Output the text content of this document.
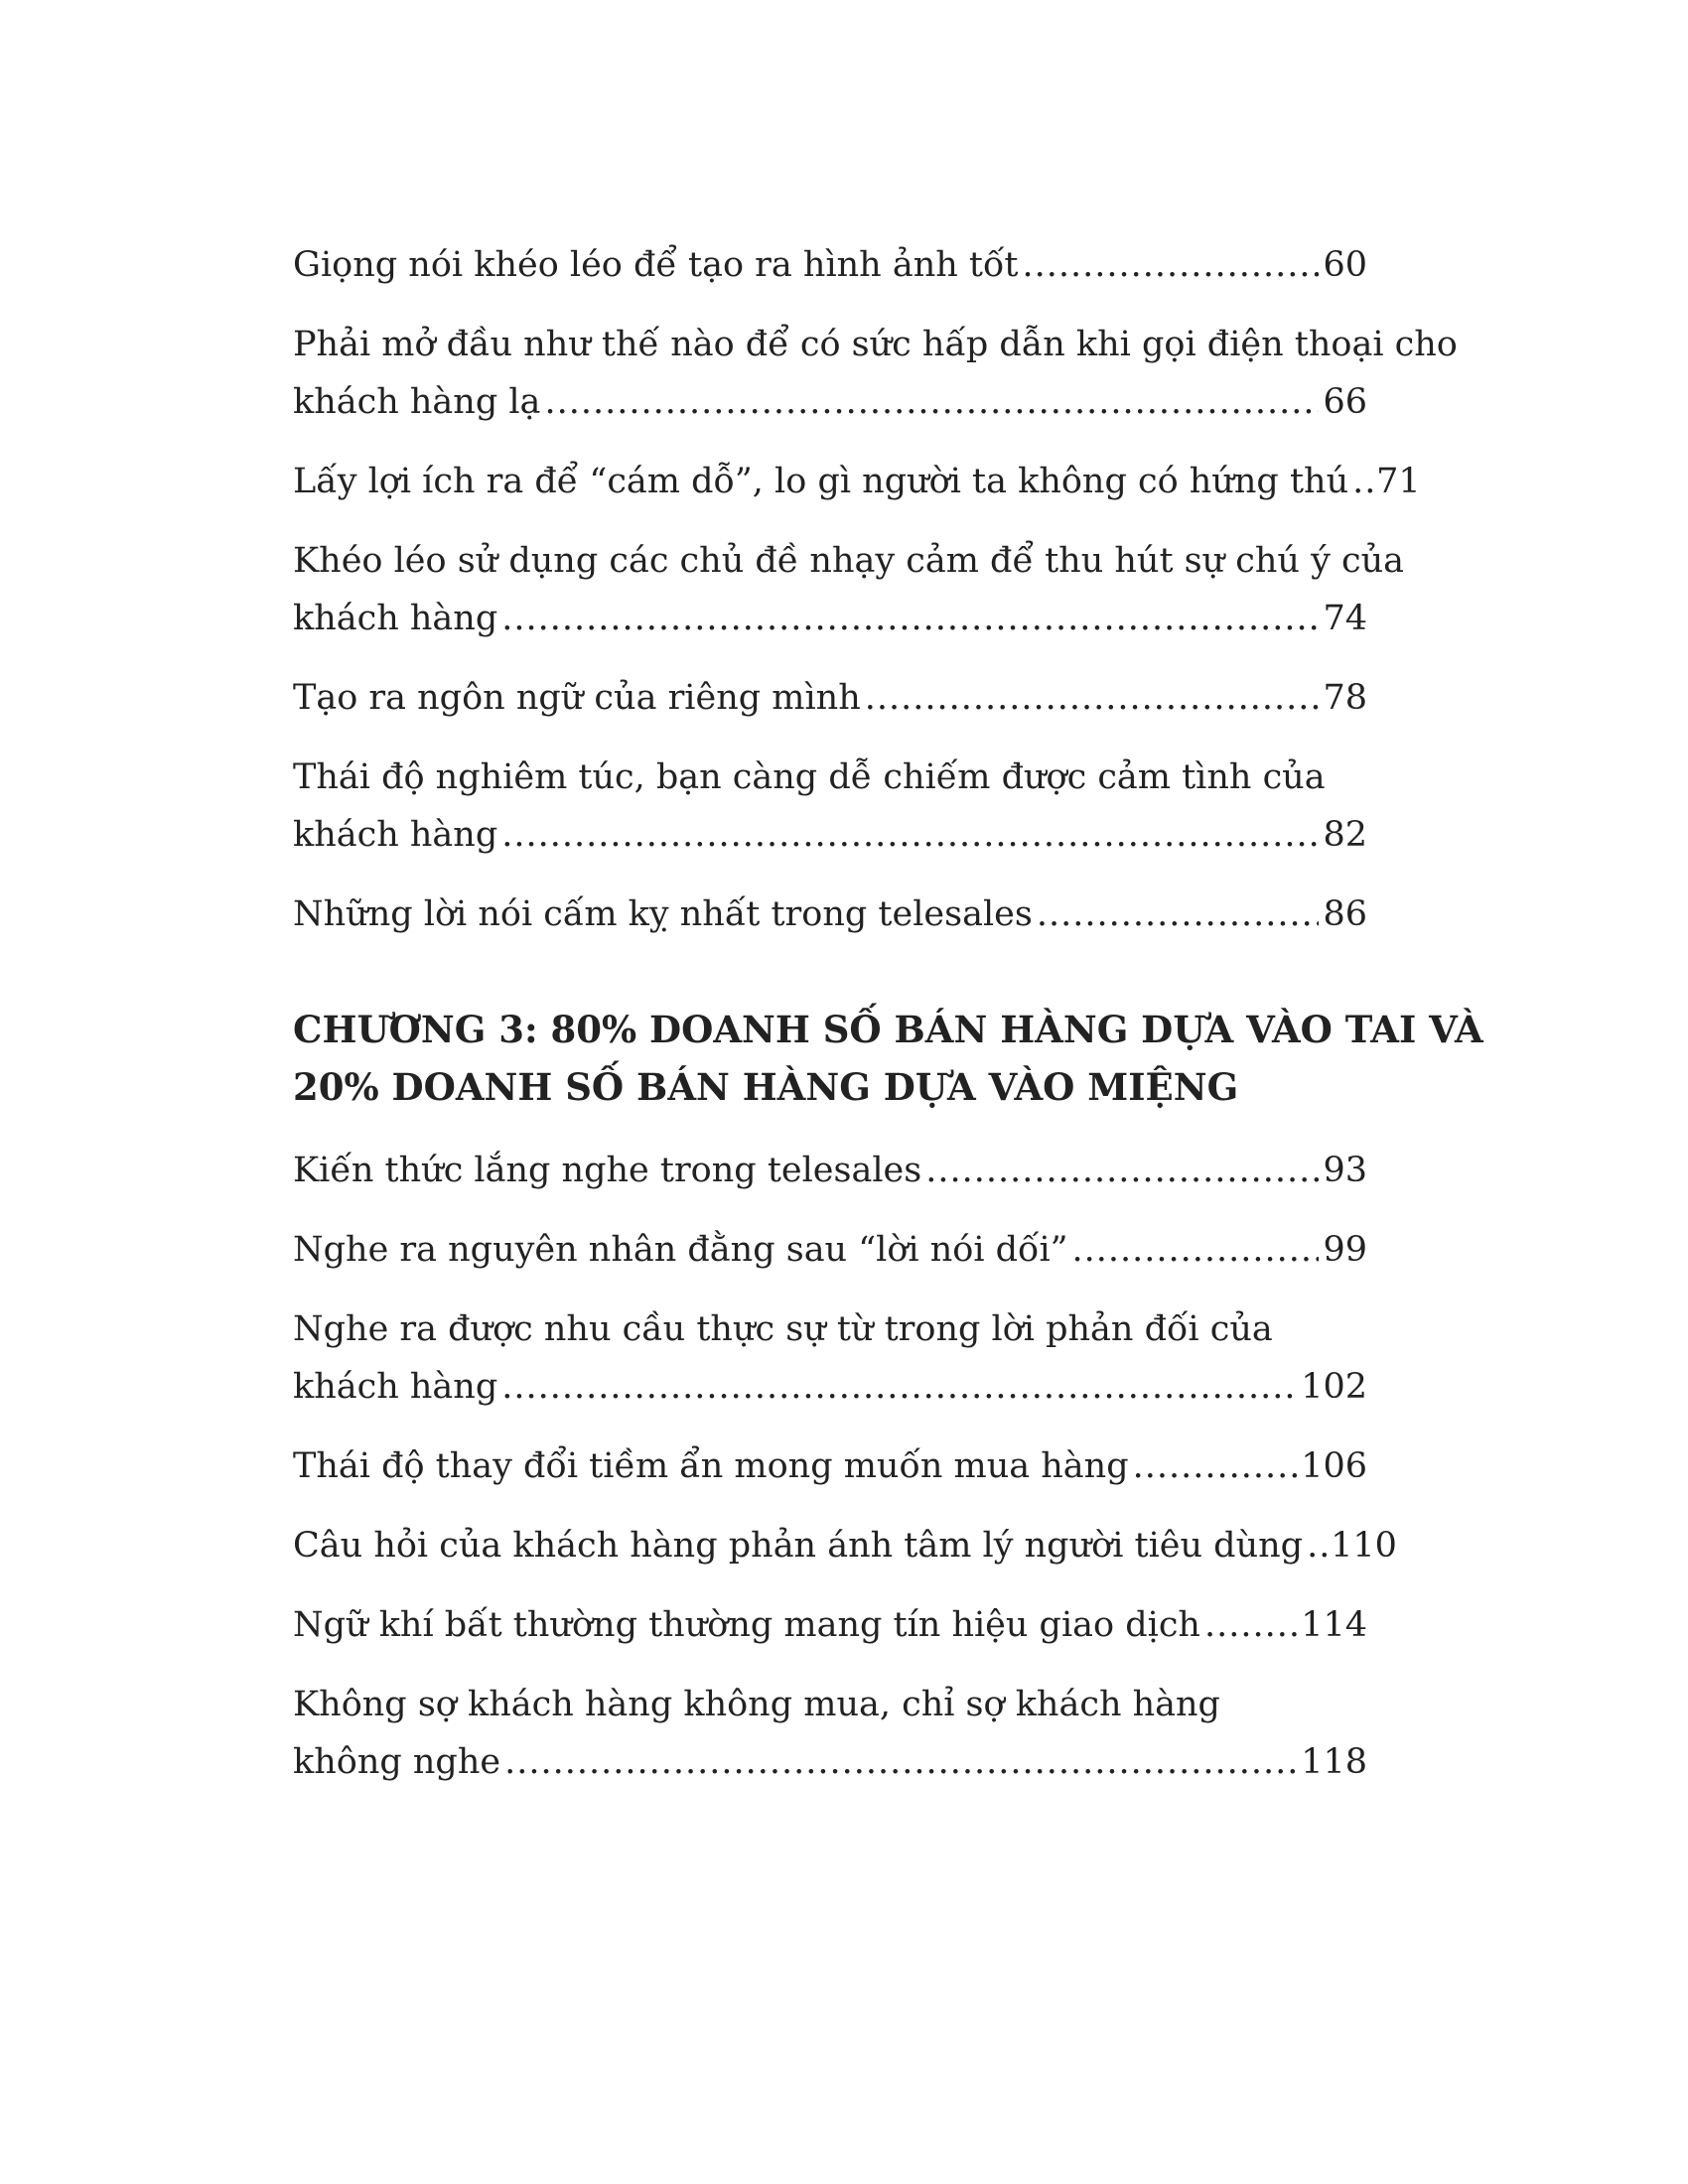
Giọng nói khéo léo để tạo ra hình ảnh tốt .....	60
Phải mở đầu như thế nào để có sức hấp dẫn khi gọi điện thoại cho
khách hàng lạ .....	66
Lấy lợi ích ra để “cám dỗ”, lo gì người ta không có hứng thú ..... 71
Khéo léo sử dụng các chủ đề nhạy cảm để thu hút sự chú ý của
khách hàng .....	74
Tạo ra ngôn ngữ của riêng mình .....	78
Thái độ nghiêm túc, bạn càng dễ chiếm được cảm tình của
khách hàng .....	82
Những lời nói cấm kỵ nhất trong telesales .....	86
CHƯƠNG 3: 80% DOANH SỐ BÁN HÀNG DỰA VÀO TAI VÀ
20% DOANH SỐ BÁN HÀNG DỰA VÀO MIỆNG
Kiến thức lắng nghe trong telesales .....	93
Nghe ra nguyên nhân đằng sau “lời nói dối” .....	99
Nghe ra được nhu cầu thực sự từ trong lời phản đối của
khách hàng .....	102
Thái độ thay đổi tiềm ẩn mong muốn mua hàng .....	106
Câu hỏi của khách hàng phản ánh tâm lý người tiêu dùng ..... 110
Ngữ khí bất thường thường mang tín hiệu giao dịch .....	114
Không sợ khách hàng không mua, chỉ sợ khách hàng
không nghe .....	118
